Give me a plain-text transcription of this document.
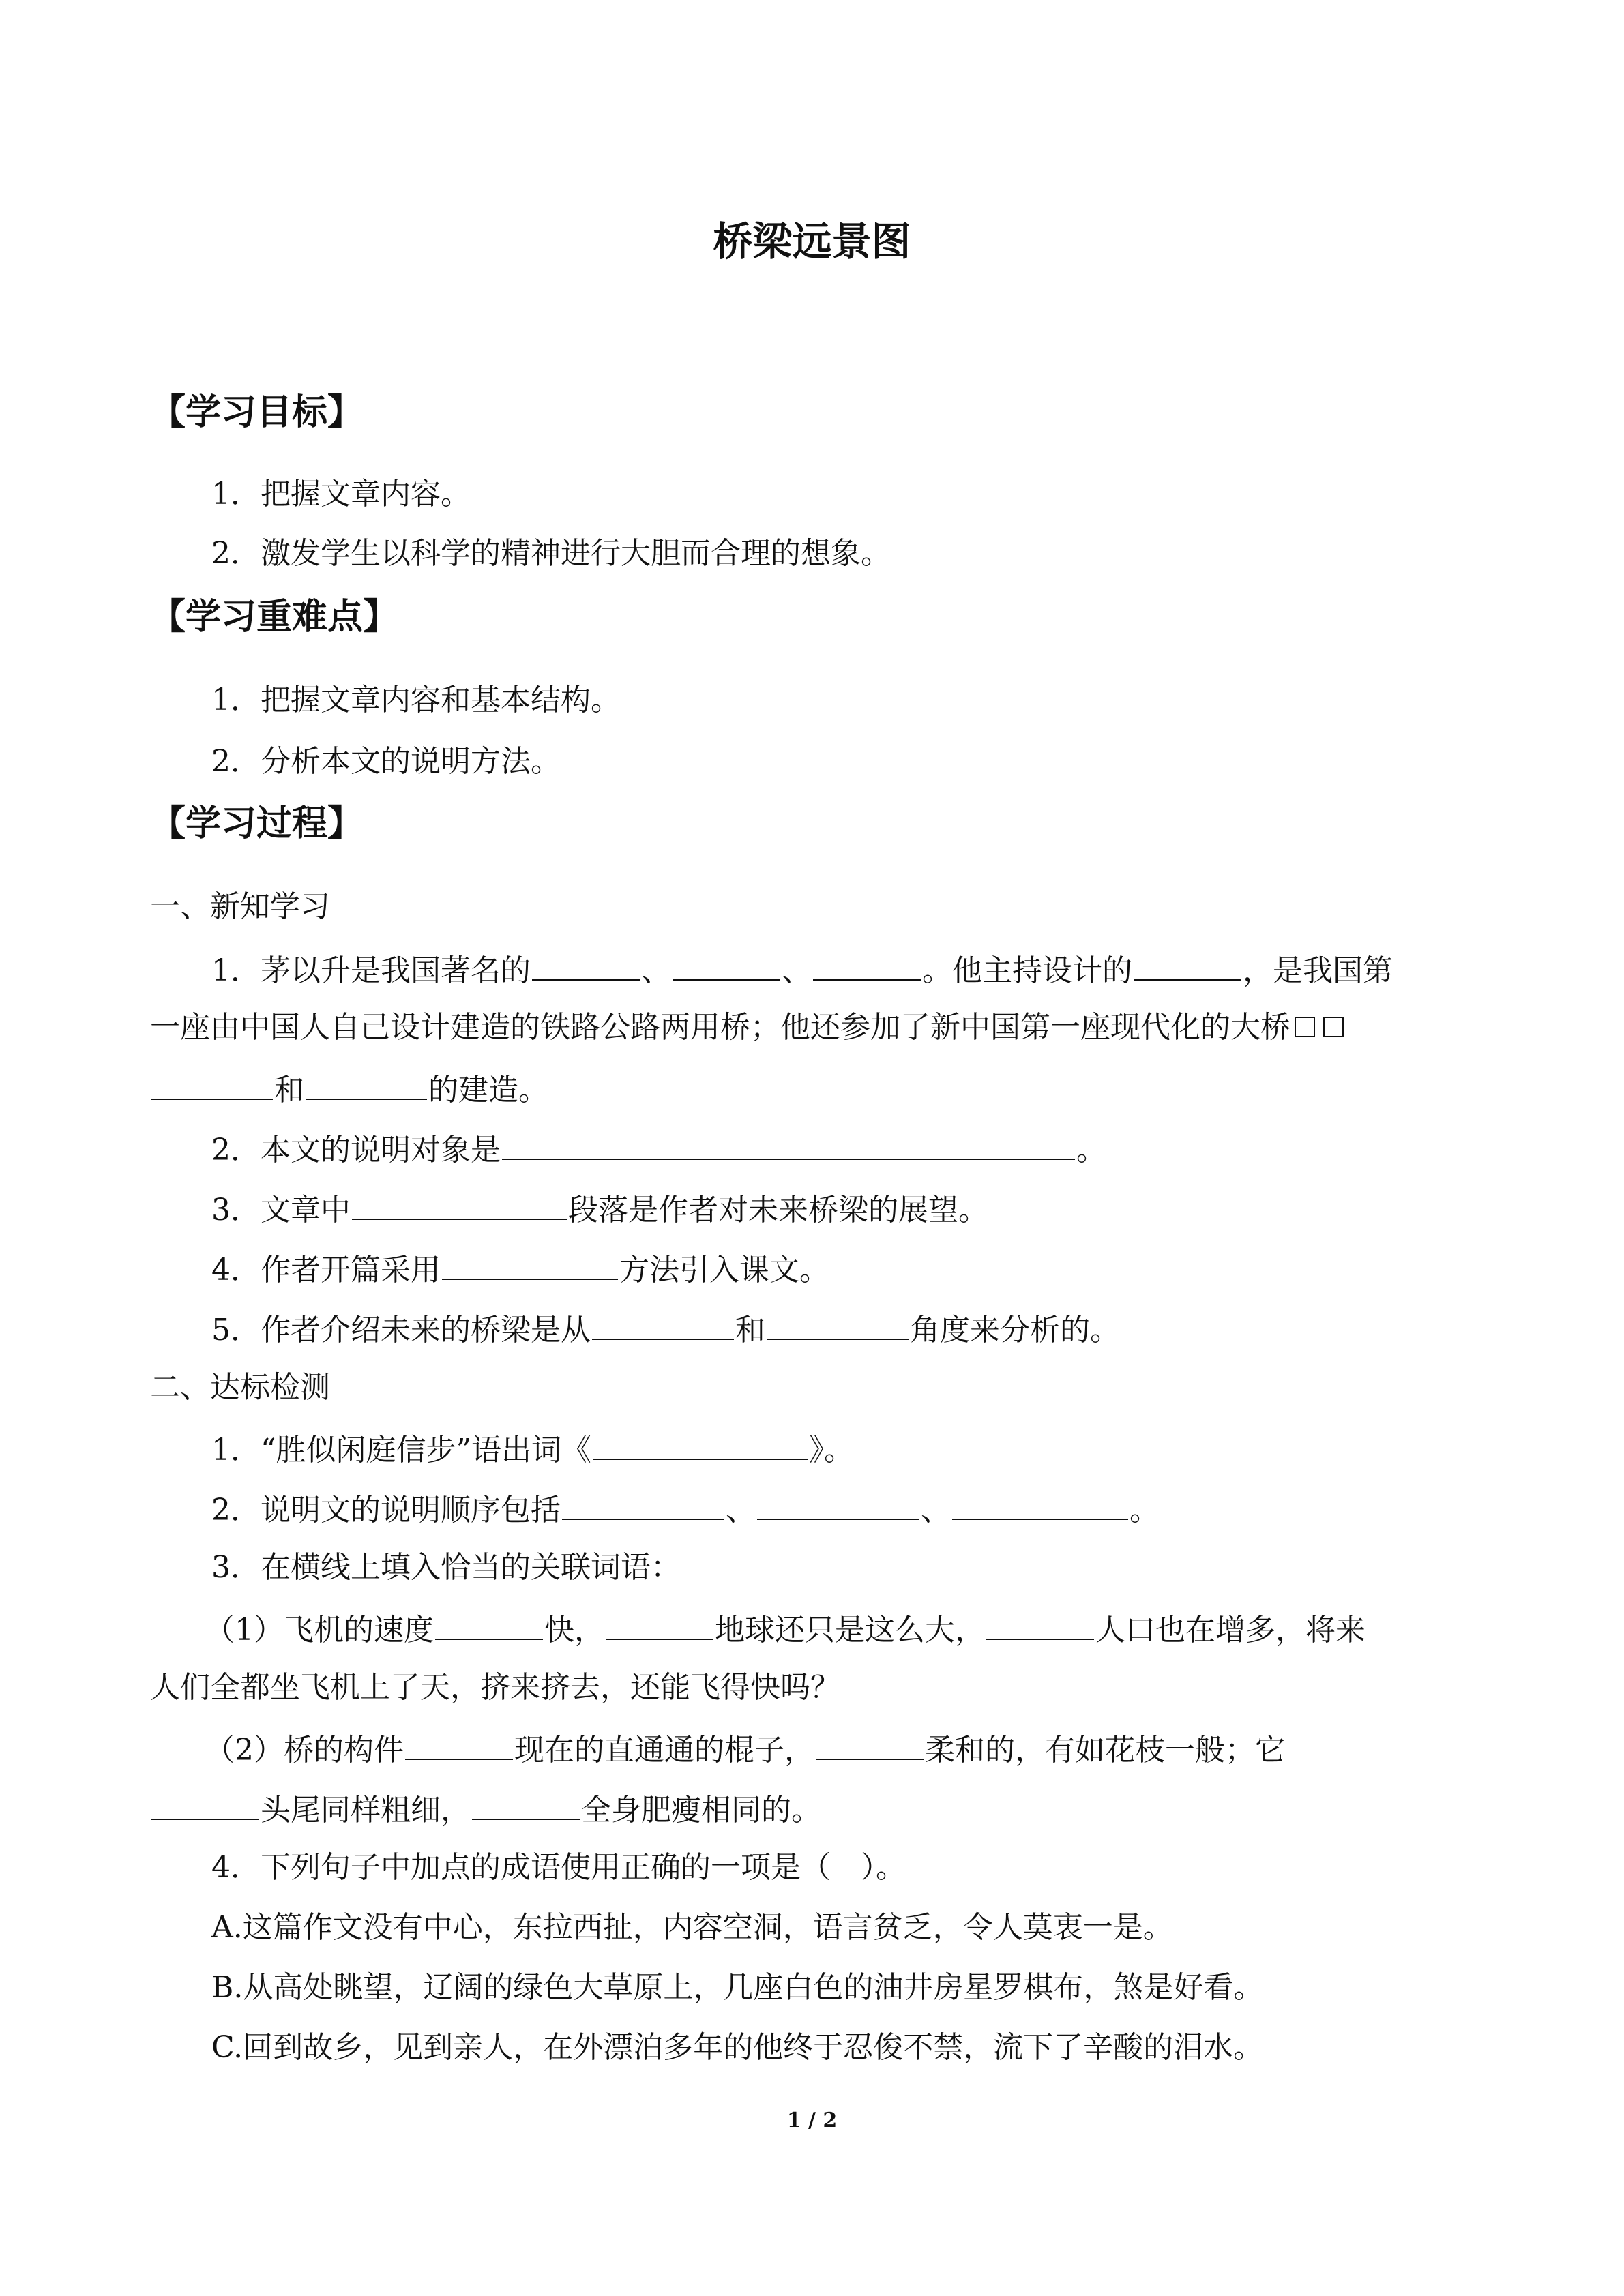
桥梁远景图
【学习目标】
1．把握文章内容。
2．激发学生以科学的精神进行大胆而合理的想象。
【学习重难点】
1．把握文章内容和基本结构。
2．分析本文的说明方法。
【学习过程】
一、新知学习
1．茅以升是我国著名的	、	、	。他主持设计的	，是我国第
一座由中国人自己设计建造的铁路公路两用桥；他还参加了新中国第一座现代化的大桥
和	的建造。
2．本文的说明对象是	。
3．文章中	段落是作者对未来桥梁的展望。
4．作者开篇采用	方法引入课文。
5．作者介绍未来的桥梁是从	和	角度来分析的。
二、达标检测
1．“胜似闲庭信步”语出词《	》。
2．说明文的说明顺序包括	、	、	。
3．在横线上填入恰当的关联词语：
（1）飞机的速度	快，	地球还只是这么大，	人口也在增多，将来
人们全都坐飞机上了天，挤来挤去，还能飞得快吗？
（2）桥的构件	现在的直通通的棍子，	柔和的，有如花枝一般；它
头尾同样粗细，	全身肥瘦相同的。
4．下列句子中加点的成语使用正确的一项是（　）。
A.这篇作文没有中心，东拉西扯，内容空洞，语言贫乏，令人莫衷一是。
B.从高处眺望，辽阔的绿色大草原上，几座白色的油井房星罗棋布，煞是好看。
C.回到故乡，见到亲人，在外漂泊多年的他终于忍俊不禁，流下了辛酸的泪水。
1 / 2
